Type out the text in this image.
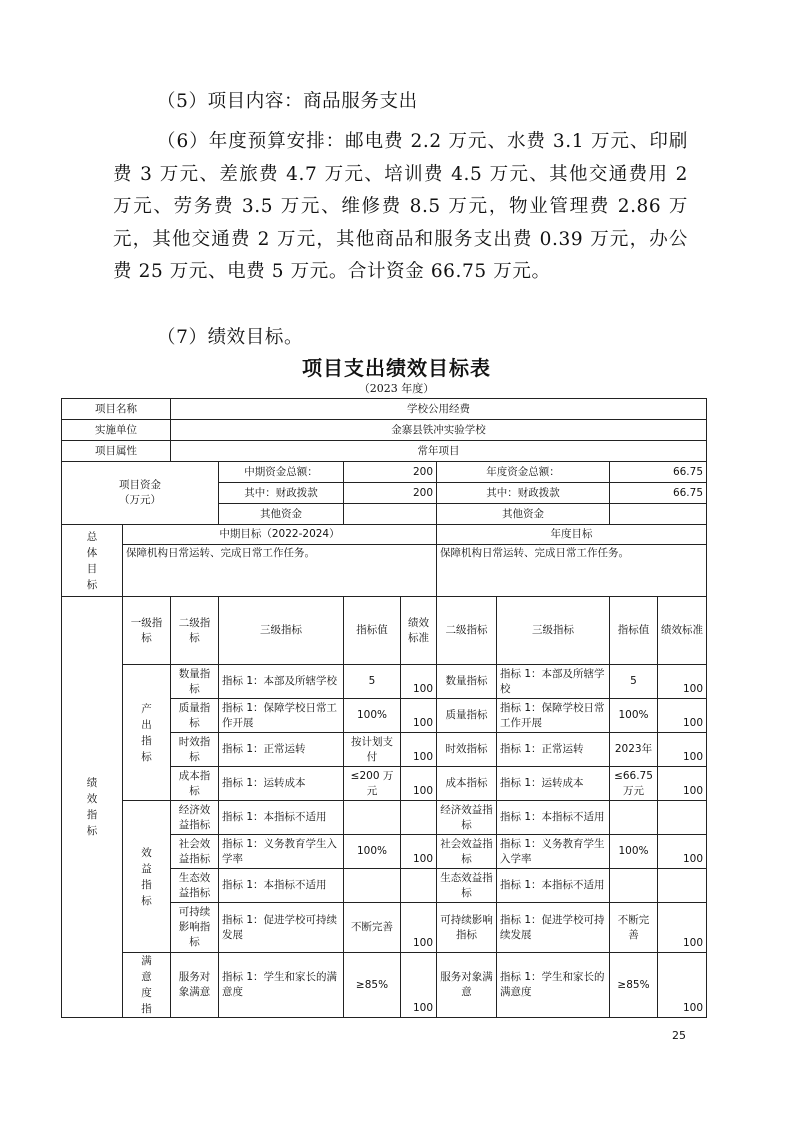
（5）项目内容：商品服务支出
（6）年度预算安排：邮电费 2.2 万元、水费 3.1 万元、印刷费 3 万元、差旅费 4.7 万元、培训费 4.5 万元、其他交通费用 2 万元、劳务费 3.5 万元、维修费 8.5 万元，物业管理费 2.86 万元，其他交通费 2 万元，其他商品和服务支出费 0.39 万元，办公费 25 万元、电费 5 万元。合计资金 66.75 万元。
（7）绩效目标。
项目支出绩效目标表
（2023 年度）
项目名称		学校公用经费							
实施单位		金寨县铁冲实验学校							
项目属性		常年项目							
项目资金
（万元）			中期资金总额：	200		年度资金总额：		66.75	
			其中：财政拨款	200		其中：财政拨款		66.75	
			其他资金			其他资金			
总体目标	中期目标（2022-2024）					年度目标			
	保障机构日常运转、完成日常工作任务。					保障机构日常运转、完成日常工作任务。			
绩效指标	一级指标	二级指标	三级指标	指标值	绩效标准	二级指标	三级指标	指标值	绩效标准
	产出指标	数量指标	指标 1：本部及所辖学校	5	100	数量指标	指标 1：本部及所辖学校	5	100
		质量指标	指标 1：保障学校日常工作开展	100%	100	质量指标	指标 1：保障学校日常工作开展	100%	100
		时效指标	指标 1：正常运转	按计划支付	100	时效指标	指标 1：正常运转	2023年	100
		成本指标	指标 1：运转成本	≤200 万元	100	成本指标	指标 1：运转成本	≤66.75 万元	100
	效益指标	经济效益指标	指标 1：本指标不适用			经济效益指标	指标 1：本指标不适用		
		社会效益指标	指标 1：义务教育学生入学率	100%	100	社会效益指标	指标 1：义务教育学生入学率	100%	100
		生态效益指标	指标 1：本指标不适用			生态效益指标	指标 1：本指标不适用		
		可持续影响指标	指标 1：促进学校可持续发展	不断完善	100	可持续影响指标	指标 1：促进学校可持续发展	不断完善	100
	满意度指	服务对象满意	指标 1：学生和家长的满意度	≥85%	100	服务对象满意	指标 1：学生和家长的满意度	≥85%	100
25
